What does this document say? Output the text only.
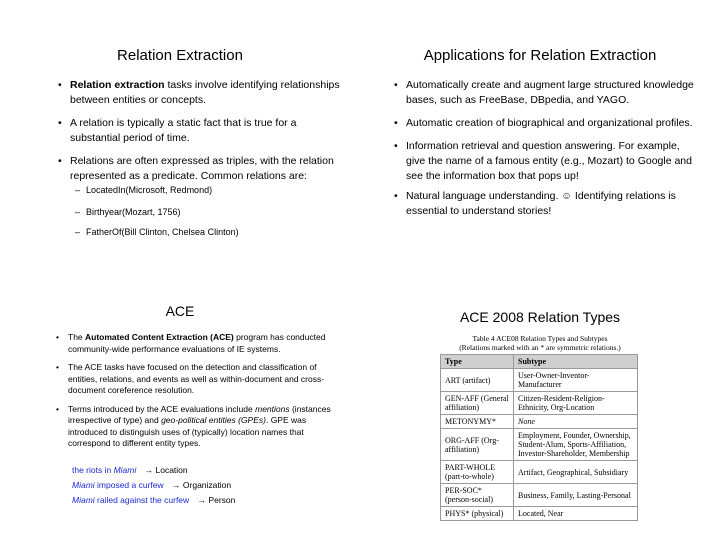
Relation Extraction
• Relation extraction tasks involve identifying relationships between entities or concepts.
• A relation is typically a static fact that is true for a substantial period of time.
• Relations are often expressed as triples, with the relation represented as a predicate. Common relations are:
– LocatedIn(Microsoft, Redmond)
– Birthyear(Mozart, 1756)
– FatherOf(Bill Clinton, Chelsea Clinton)
Applications for Relation Extraction
• Automatically create and augment large structured knowledge bases, such as FreeBase, DBpedia, and YAGO.
• Automatic creation of biographical and organizational profiles.
• Information retrieval and question answering. For example, give the name of a famous entity (e.g., Mozart) to Google and see the information box that pops up!
• Natural language understanding. ☺ Identifying relations is essential to understand stories!
ACE
• The Automated Content Extraction (ACE) program has conducted community-wide performance evaluations of IE systems.
• The ACE tasks have focused on the detection and classification of entities, relations, and events as well as within-document and cross-document coreference resolution.
• Terms introduced by the ACE evaluations include mentions (instances irrespective of type) and geo-political entities (GPEs). GPE was introduced to distinguish uses of (typically) location names that correspond to different entity types.
the riots in Miami → Location
Miami imposed a curfew → Organization
Miami railed against the curfew → Person
ACE 2008 Relation Types
Table 4 ACE08 Relation Types and Subtypes
(Relations marked with an * are symmetric relations.)
Type	Subtype
ART (artifact)	User-Owner-Inventor-Manufacturer
GEN-AFF (General affiliation)	Citizen-Resident-Religion-Ethnicity, Org-Location
METONYMY*	None
ORG-AFF (Org-affiliation)	Employment, Founder, Ownership, Student-Alum, Sports-Affiliation, Investor-Shareholder, Membership
PART-WHOLE (part-to-whole)	Artifact, Geographical, Subsidiary
PER-SOC* (person-social)	Business, Family, Lasting-Personal
PHYS* (physical)	Located, Near
